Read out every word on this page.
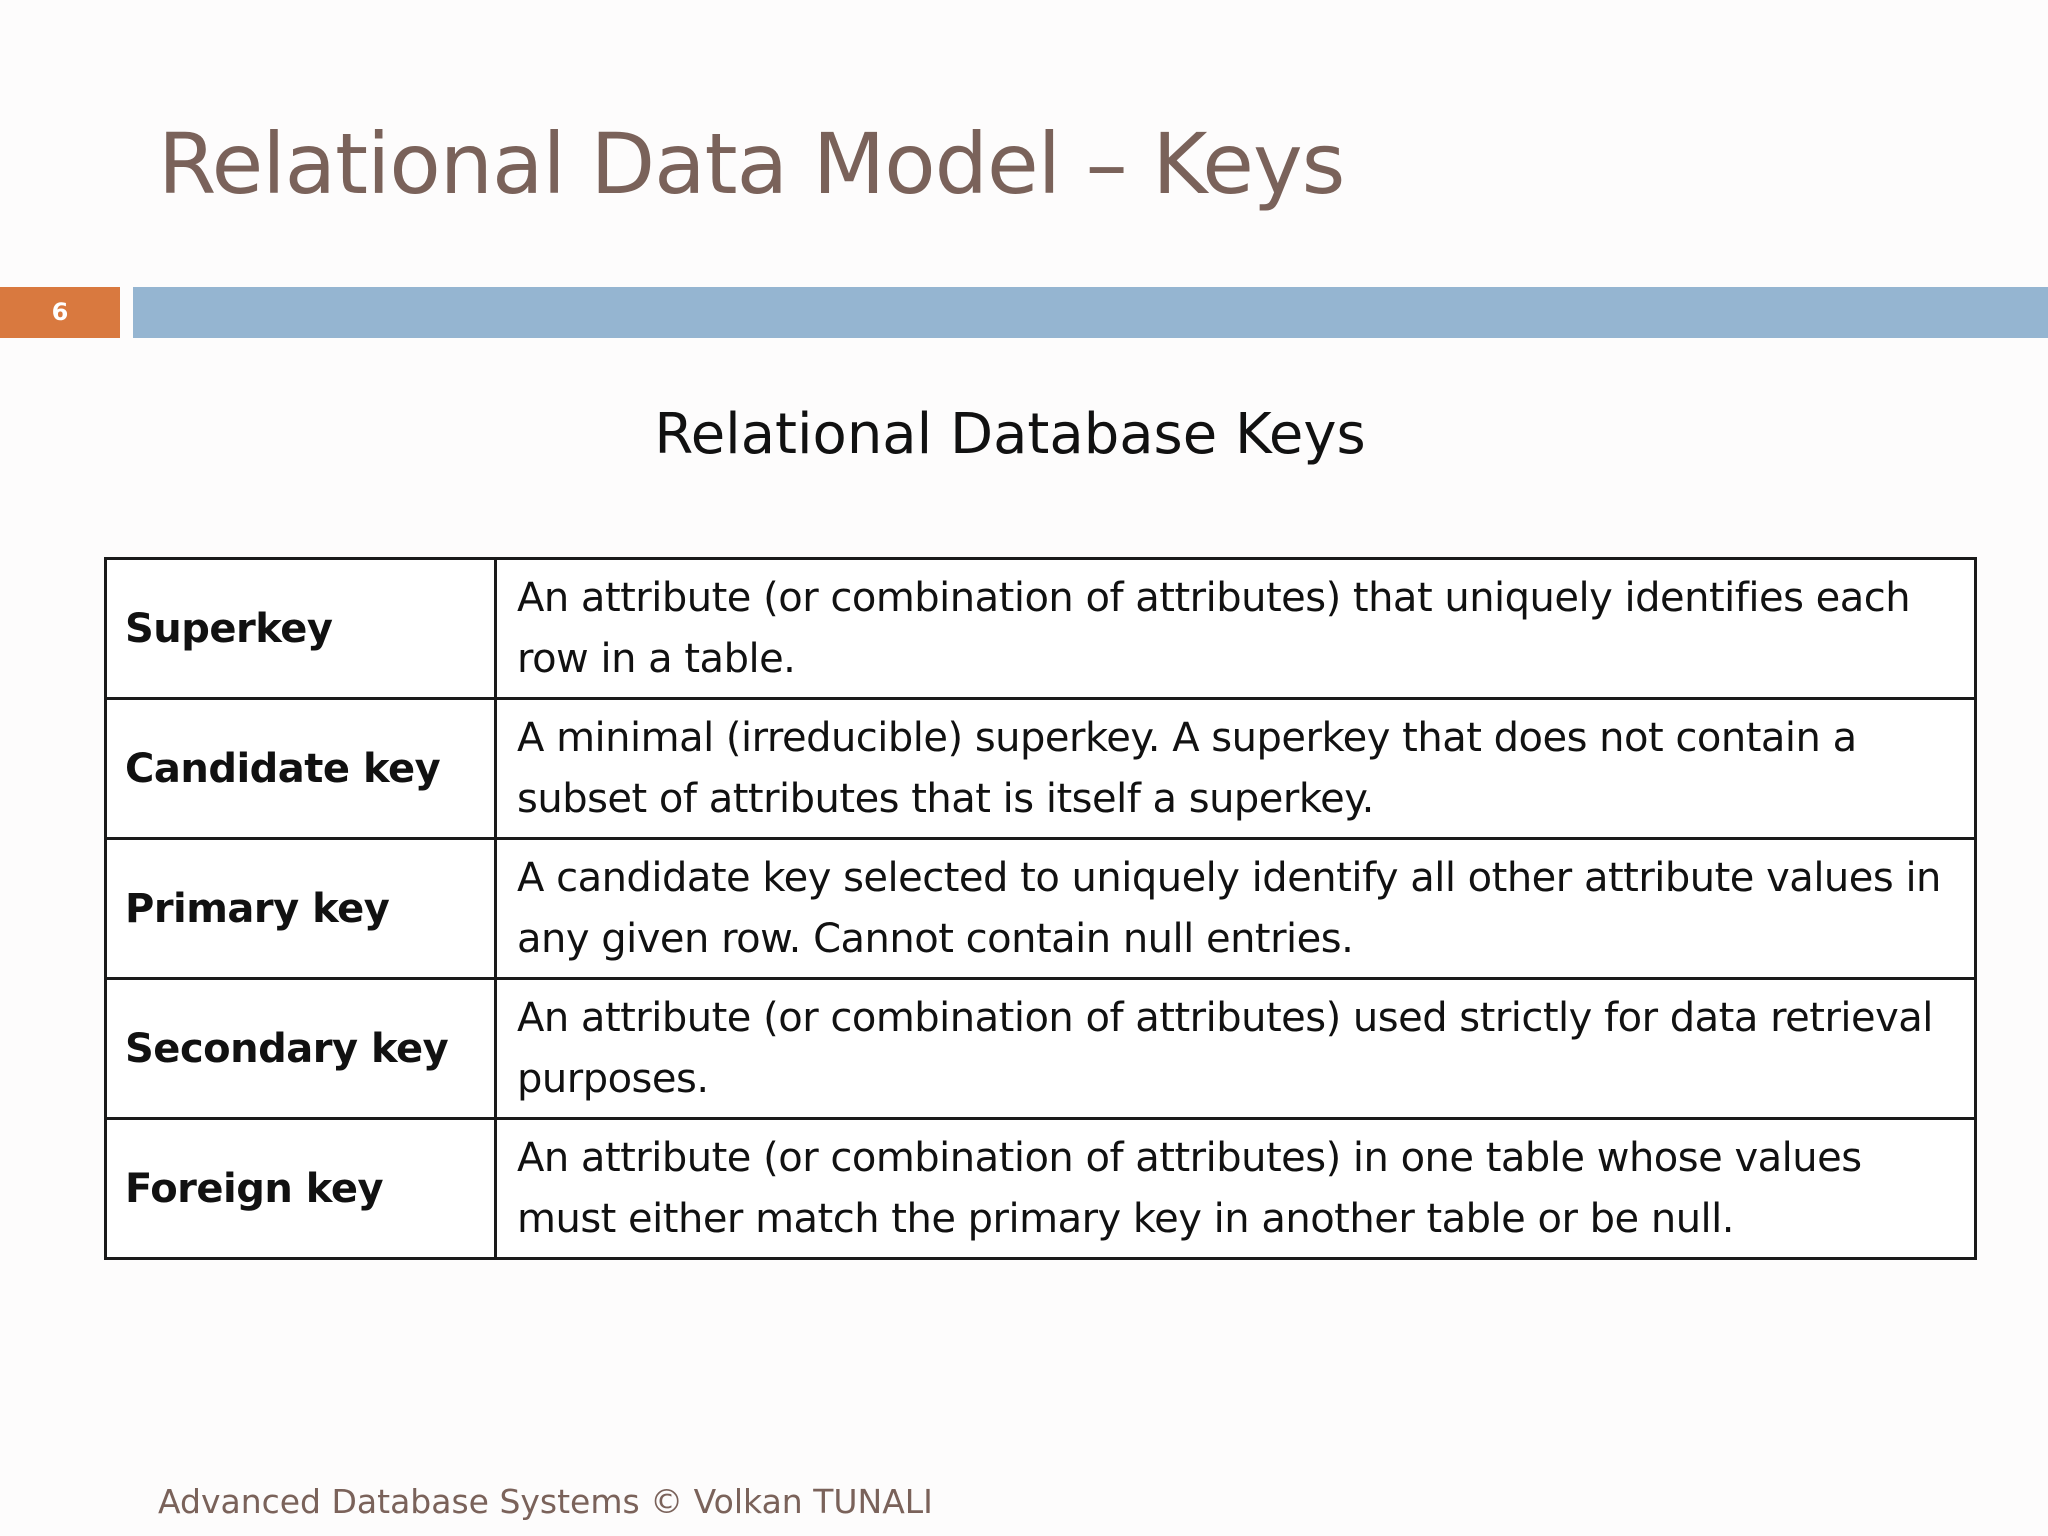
Relational Data Model – Keys
6
Relational Database Keys
Superkey	An attribute (or combination of attributes) that uniquely identifies each row in a table.
Candidate key	A minimal (irreducible) superkey. A superkey that does not contain a subset of attributes that is itself a superkey.
Primary key	A candidate key selected to uniquely identify all other attribute values in any given row. Cannot contain null entries.
Secondary key	An attribute (or combination of attributes) used strictly for data retrieval purposes.
Foreign key	An attribute (or combination of attributes) in one table whose values must either match the primary key in another table or be null.
Advanced Database Systems © Volkan TUNALI
